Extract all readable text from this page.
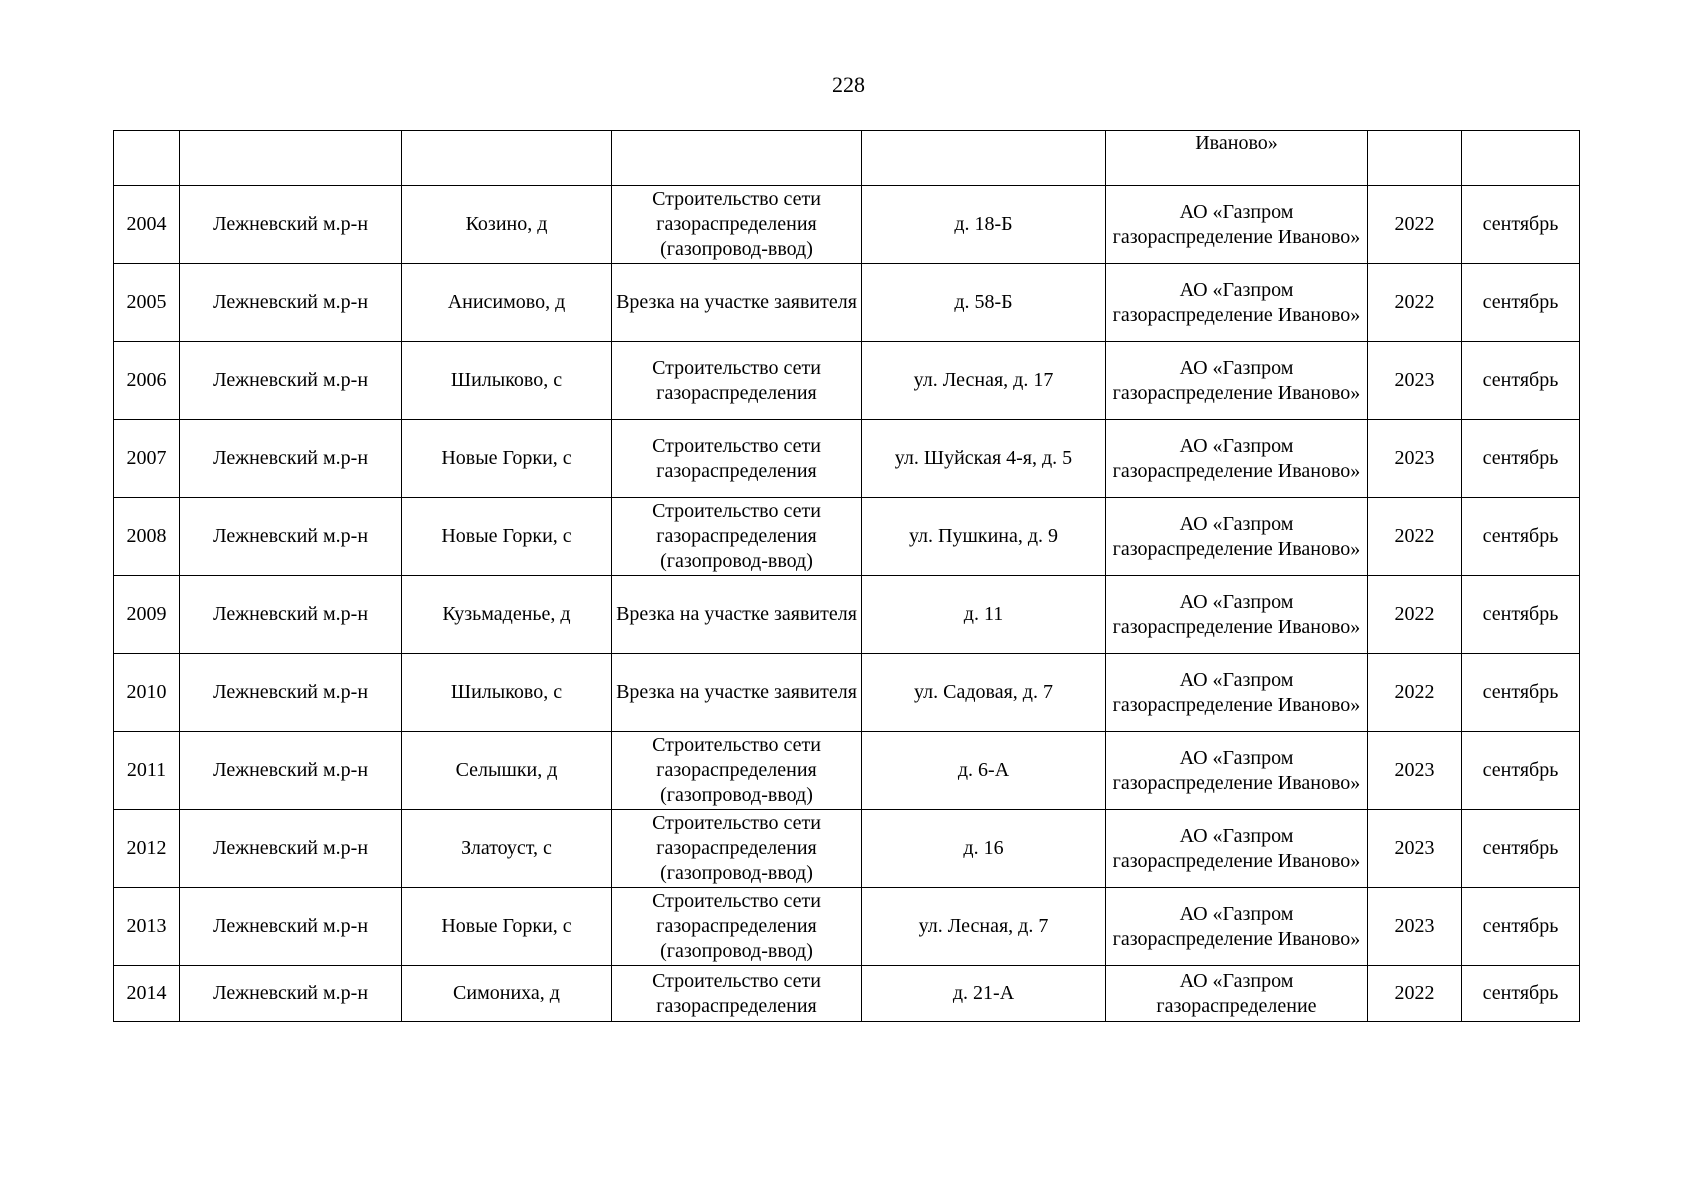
228
					Иваново»		
2004	Лежневский м.р-н	Козино, д	Строительство сети газораспределения (газопровод-ввод)	д. 18-Б	АО «Газпром газораспределение Иваново»	2022	сентябрь
2005	Лежневский м.р-н	Анисимово, д	Врезка на участке заявителя	д. 58-Б	АО «Газпром газораспределение Иваново»	2022	сентябрь
2006	Лежневский м.р-н	Шилыково, с	Строительство сети газораспределения	ул. Лесная, д. 17	АО «Газпром газораспределение Иваново»	2023	сентябрь
2007	Лежневский м.р-н	Новые Горки, с	Строительство сети газораспределения	ул. Шуйская 4-я, д. 5	АО «Газпром газораспределение Иваново»	2023	сентябрь
2008	Лежневский м.р-н	Новые Горки, с	Строительство сети газораспределения (газопровод-ввод)	ул. Пушкина, д. 9	АО «Газпром газораспределение Иваново»	2022	сентябрь
2009	Лежневский м.р-н	Кузьмаденье, д	Врезка на участке заявителя	д. 11	АО «Газпром газораспределение Иваново»	2022	сентябрь
2010	Лежневский м.р-н	Шилыково, с	Врезка на участке заявителя	ул. Садовая, д. 7	АО «Газпром газораспределение Иваново»	2022	сентябрь
2011	Лежневский м.р-н	Селышки, д	Строительство сети газораспределения (газопровод-ввод)	д. 6-А	АО «Газпром газораспределение Иваново»	2023	сентябрь
2012	Лежневский м.р-н	Златоуст, с	Строительство сети газораспределения (газопровод-ввод)	д. 16	АО «Газпром газораспределение Иваново»	2023	сентябрь
2013	Лежневский м.р-н	Новые Горки, с	Строительство сети газораспределения (газопровод-ввод)	ул. Лесная, д. 7	АО «Газпром газораспределение Иваново»	2023	сентябрь
2014	Лежневский м.р-н	Симониха, д	Строительство сети газораспределения	д. 21-А	АО «Газпром газораспределение	2022	сентябрь
